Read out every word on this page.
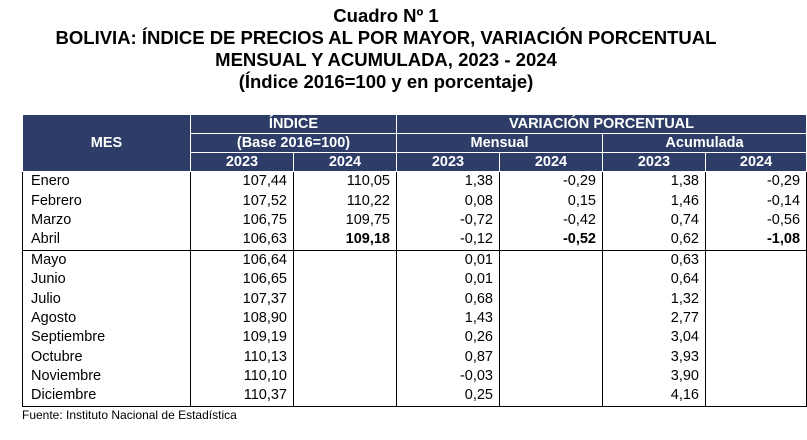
Cuadro Nº 1
BOLIVIA: ÍNDICE DE PRECIOS AL POR MAYOR, VARIACIÓN PORCENTUAL
MENSUAL Y ACUMULADA, 2023 - 2024
(Índice 2016=100 y en porcentaje)
MES	ÍNDICE		VARIACIÓN PORCENTUAL			
	(Base 2016=100)		Mensual		Acumulada	
	2023	2024	2023	2024	2023	2024
Enero	107,44	110,05	1,38	-0,29	1,38	-0,29
Febrero	107,52	110,22	0,08	0,15	1,46	-0,14
Marzo	106,75	109,75	-0,72	-0,42	0,74	-0,56
Abril	106,63	109,18	-0,12	-0,52	0,62	-1,08
Mayo	106,64		0,01		0,63	
Junio	106,65		0,01		0,64	
Julio	107,37		0,68		1,32	
Agosto	108,90		1,43		2,77	
Septiembre	109,19		0,26		3,04	
Octubre	110,13		0,87		3,93	
Noviembre	110,10		-0,03		3,90	
Diciembre	110,37		0,25		4,16	
Fuente: Instituto Nacional de Estadística
